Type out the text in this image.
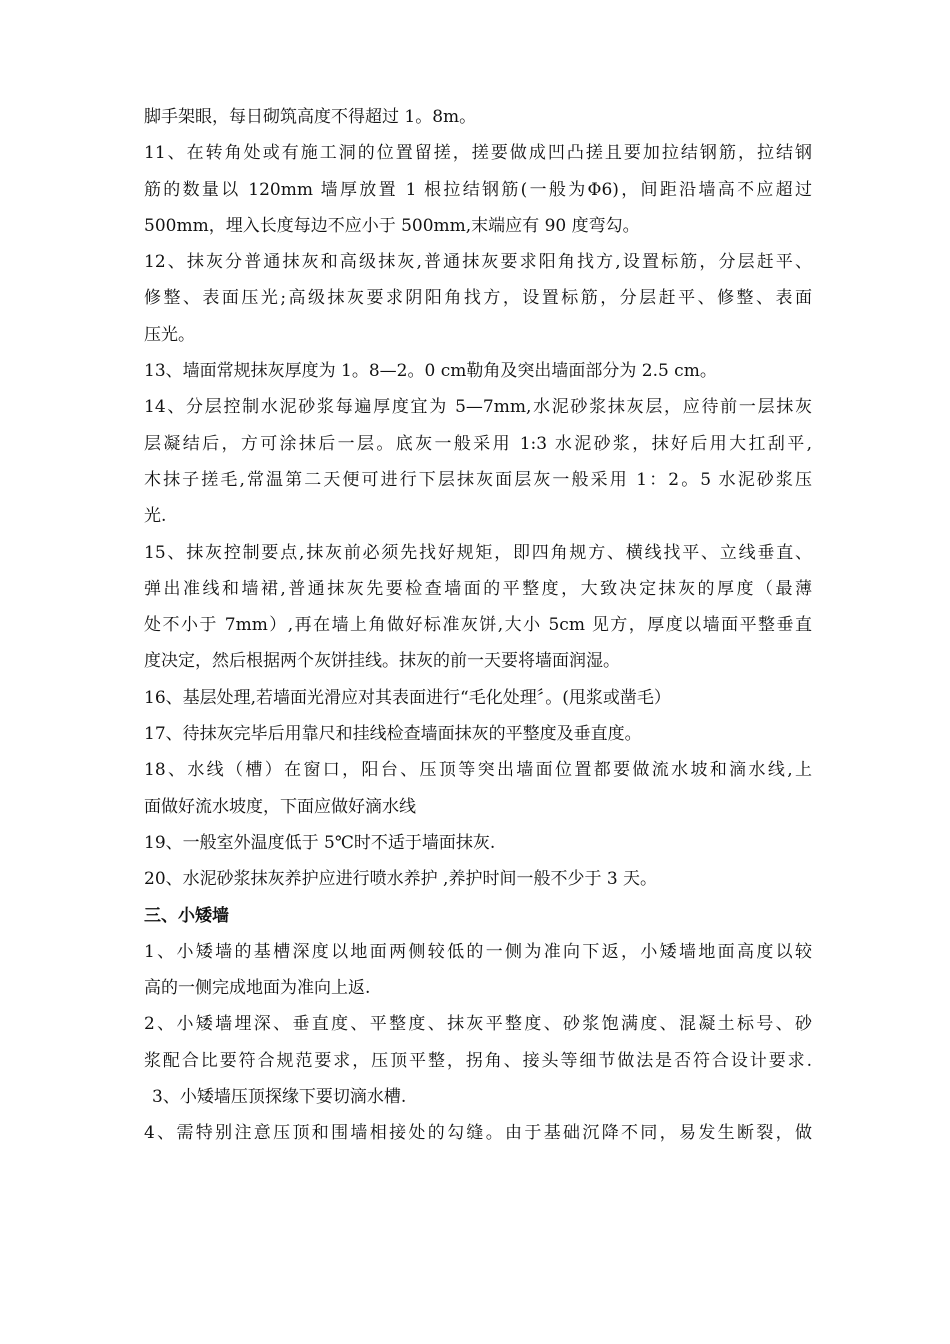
脚手架眼，每日砌筑高度不得超过 1。8m。
11、在转角处或有施工洞的位置留搓，搓要做成凹凸搓且要加拉结钢筋，拉结钢
筋的数量以 120mm 墙厚放置 1 根拉结钢筋(一般为Φ6)，间距沿墙高不应超过
500mm，埋入长度每边不应小于 500mm,末端应有 90 度弯勾。
12、抹灰分普通抹灰和高级抹灰,普通抹灰要求阳角找方,设置标筋，分层赶平、
修整、表面压光;高级抹灰要求阴阳角找方，设置标筋，分层赶平、修整、表面
压光。
13、墙面常规抹灰厚度为 1。8—2。0 cm勒角及突出墙面部分为 2.5 cm。
14、分层控制水泥砂浆每遍厚度宜为 5—7mm,水泥砂浆抹灰层，应待前一层抹灰
层凝结后，方可涂抹后一层。底灰一般采用 1:3 水泥砂浆，抹好后用大扛刮平,
木抹子搓毛,常温第二天便可进行下层抹灰面层灰一般采用 1：2。5 水泥砂浆压
光.
15、抹灰控制要点,抹灰前必须先找好规矩，即四角规方、横线找平、立线垂直、
弹出准线和墙裙,普通抹灰先要检查墙面的平整度，大致决定抹灰的厚度（最薄
处不小于 7mm）,再在墙上角做好标准灰饼,大小 5cm 见方，厚度以墙面平整垂直
度决定，然后根据两个灰饼挂线。抹灰的前一天要将墙面润湿。
16、基层处理,若墙面光滑应对其表面进行“毛化处理〞。(甩浆或凿毛）
17、待抹灰完毕后用靠尺和挂线检查墙面抹灰的平整度及垂直度。
18、水线（槽）在窗口，阳台、压顶等突出墙面位置都要做流水坡和滴水线,上
面做好流水坡度，下面应做好滴水线
19、一般室外温度低于 5℃时不适于墙面抹灰.
20、水泥砂浆抹灰养护应进行喷水养护 ,养护时间一般不少于 3 天。
三、小矮墙
1、小矮墙的基槽深度以地面两侧较低的一侧为准向下返，小矮墙地面高度以较
高的一侧完成地面为准向上返.
2、小矮墙埋深、垂直度、平整度、抹灰平整度、砂浆饱满度、混凝土标号、砂
浆配合比要符合规范要求，压顶平整，拐角、接头等细节做法是否符合设计要求.
3、小矮墙压顶探缘下要切滴水槽.
4、需特别注意压顶和围墙相接处的勾缝。由于基础沉降不同，易发生断裂，做
